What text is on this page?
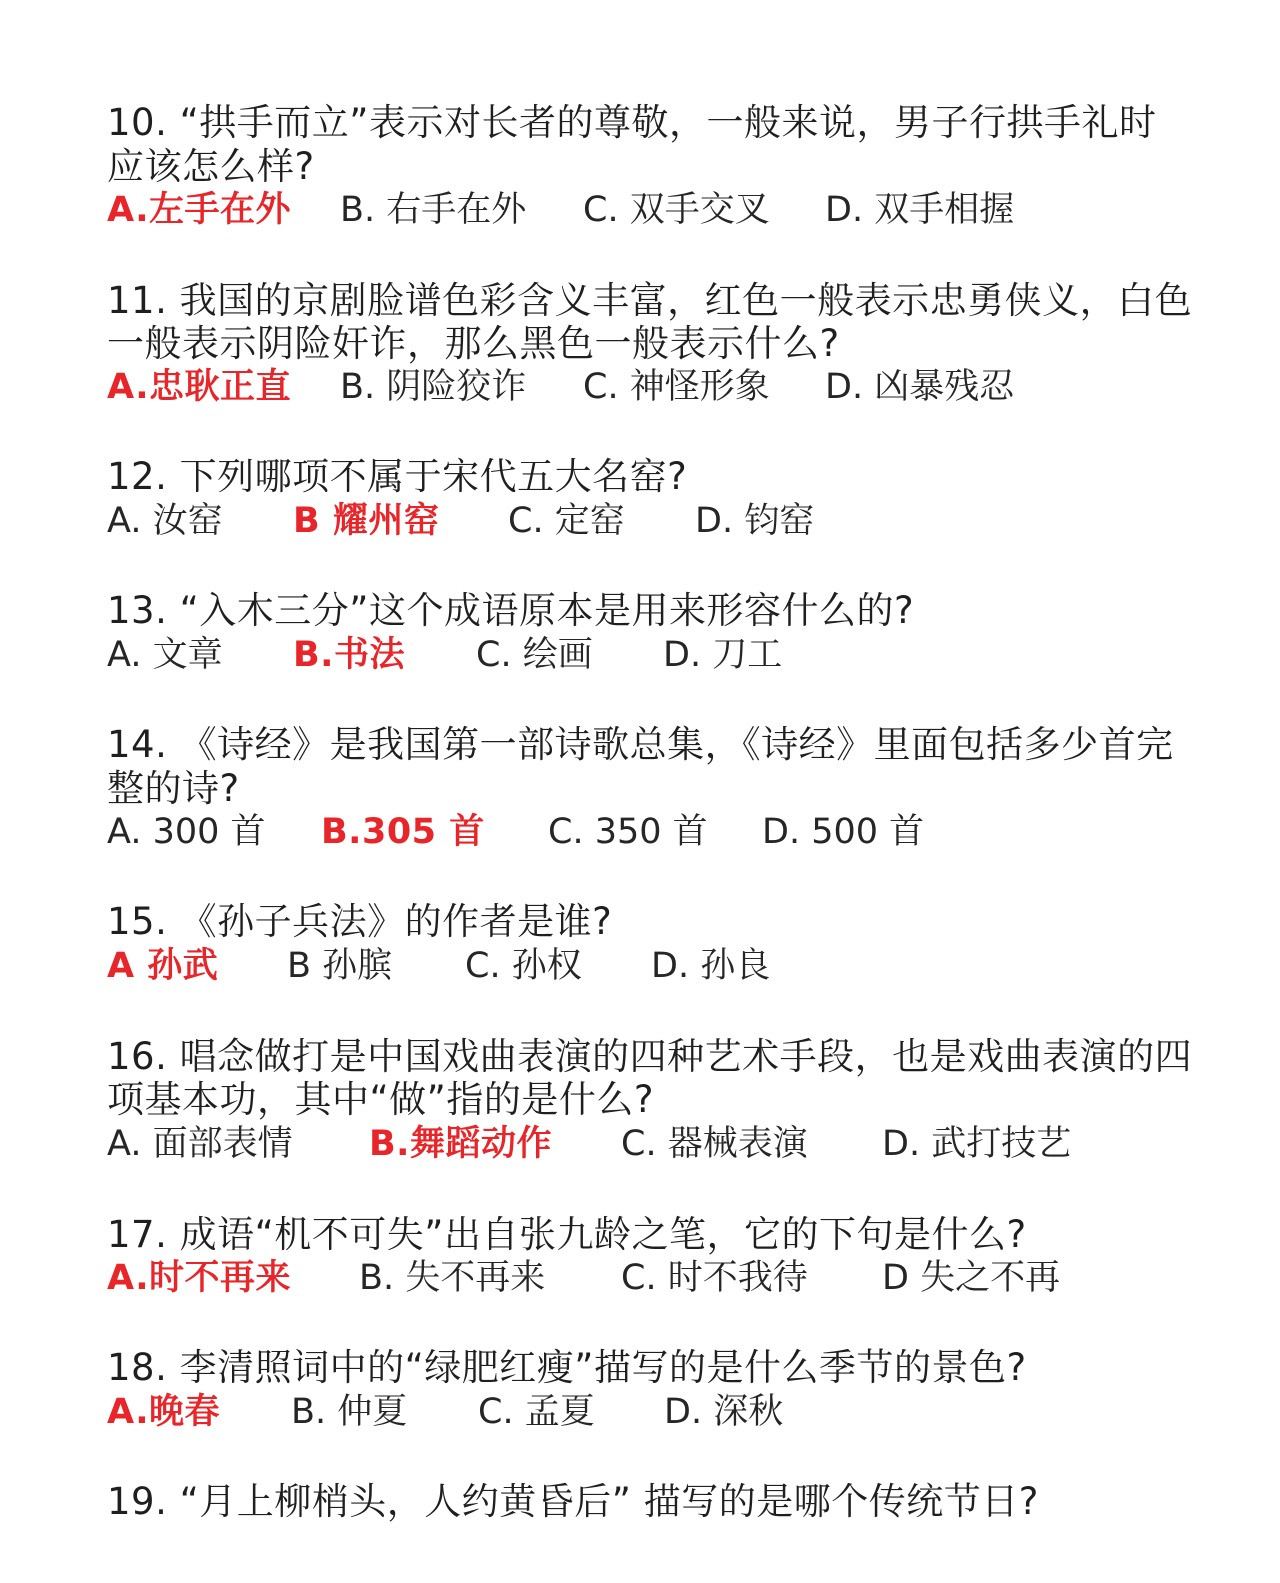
10. “拱手而立”表示对长者的尊敬，一般来说，男子行拱手礼时
应该怎么样?
A.左手在外 B. 右手在外 C. 双手交叉 D. 双手相握
11. 我国的京剧脸谱色彩含义丰富，红色一般表示忠勇侠义，白色
一般表示阴险奸诈，那么黑色一般表示什么?
A.忠耿正直 B. 阴险狡诈 C. 神怪形象 D. 凶暴残忍
12. 下列哪项不属于宋代五大名窑?
A. 汝窑 B 耀州窑 C. 定窑 D. 钧窑
13. “入木三分”这个成语原本是用来形容什么的?
A. 文章 B.书法 C. 绘画 D. 刀工
14. 《诗经》是我国第一部诗歌总集，《诗经》里面包括多少首完
整的诗?
A. 300 首 B.305 首 C. 350 首 D. 500 首
15. 《孙子兵法》的作者是谁?
A 孙武 B 孙膑 C. 孙权 D. 孙良
16. 唱念做打是中国戏曲表演的四种艺术手段，也是戏曲表演的四
项基本功，其中“做”指的是什么?
A. 面部表情 B.舞蹈动作 C. 器械表演 D. 武打技艺
17. 成语“机不可失”出自张九龄之笔，它的下句是什么?
A.时不再来 B. 失不再来 C. 时不我待 D 失之不再
18. 李清照词中的“绿肥红瘦”描写的是什么季节的景色?
A.晚春 B. 仲夏 C. 孟夏 D. 深秋
19. “月上柳梢头，人约黄昏后” 描写的是哪个传统节日?
